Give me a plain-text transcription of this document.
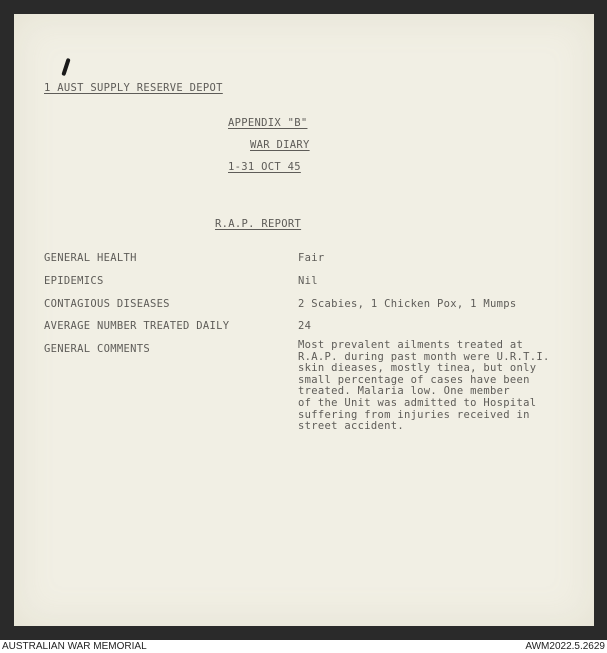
1 AUST SUPPLY RESERVE DEPOT
APPENDIX "B"
WAR DIARY
1-31 OCT 45
R.A.P. REPORT
GENERAL HEALTH	Fair
EPIDEMICS	Nil
CONTAGIOUS DISEASES	2 Scabies, 1 Chicken Pox, 1 Mumps
AVERAGE NUMBER TREATED DAILY	24
GENERAL COMMENTS	Most prevalent ailments treated at
R.A.P. during past month were U.R.T.I.
skin dieases, mostly tinea, but only
small percentage of cases have been
treated. Malaria low. One member
of the Unit was admitted to Hospital
suffering from injuries received in
street accident.
AUSTRALIAN WAR MEMORIAL	AWM2022.5.2629
